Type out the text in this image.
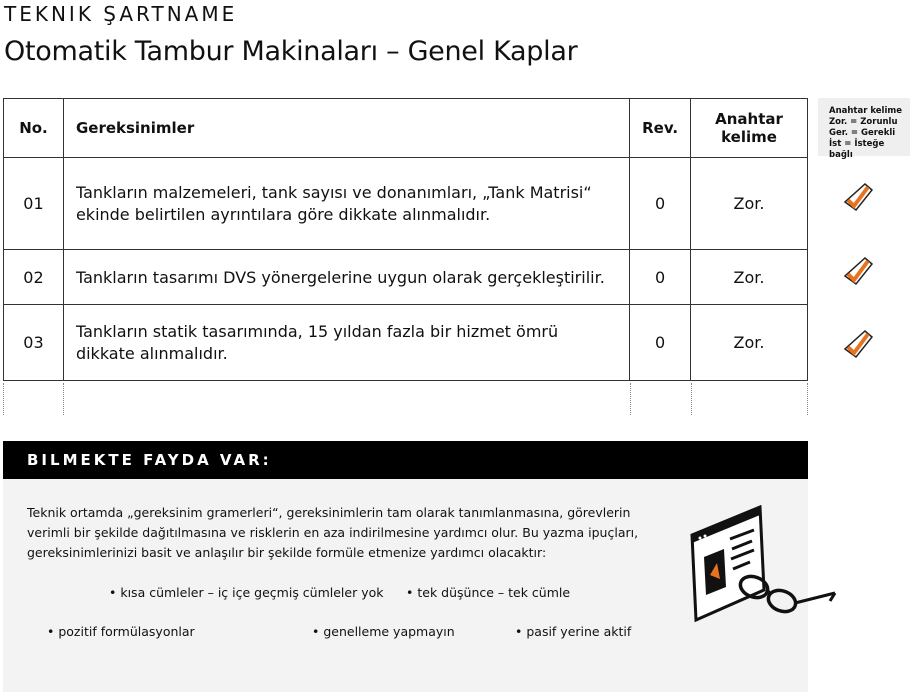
TEKNIK ŞARTNAME
Otomatik Tambur Makinaları – Genel Kaplar
No.	Gereksinimler	Rev.	Anahtar kelime
01	Tankların malzemeleri, tank sayısı ve donanımları, „Tank Matrisi“ ekinde belirtilen ayrıntılara göre dikkate alınmalıdır.	0	Zor.
02	Tankların tasarımı DVS yönergelerine uygun olarak gerçekleştirilir.	0	Zor.
03	Tankların statik tasarımında, 15 yıldan fazla bir hizmet ömrü dikkate alınmalıdır.	0	Zor.
Anahtar kelime
Zor. = Zorunlu
Ger. = Gerekli
İst = İsteğe bağlı
BILMEKTE FAYDA VAR:
Teknik ortamda „gereksinim gramerleri“, gereksinimlerin tam olarak tanımlanmasına, görevlerin verimli bir şekilde dağıtılmasına ve risklerin en aza indirilmesine yardımcı olur. Bu yazma ipuçları, gereksinimlerinizi basit ve anlaşılır bir şekilde formüle etmenize yardımcı olacaktır:
• kısa cümleler – iç içe geçmiş cümleler yok • tek düşünce – tek cümle
• pozitif formülasyonlar	• genelleme yapmayın	• pasif yerine aktif
